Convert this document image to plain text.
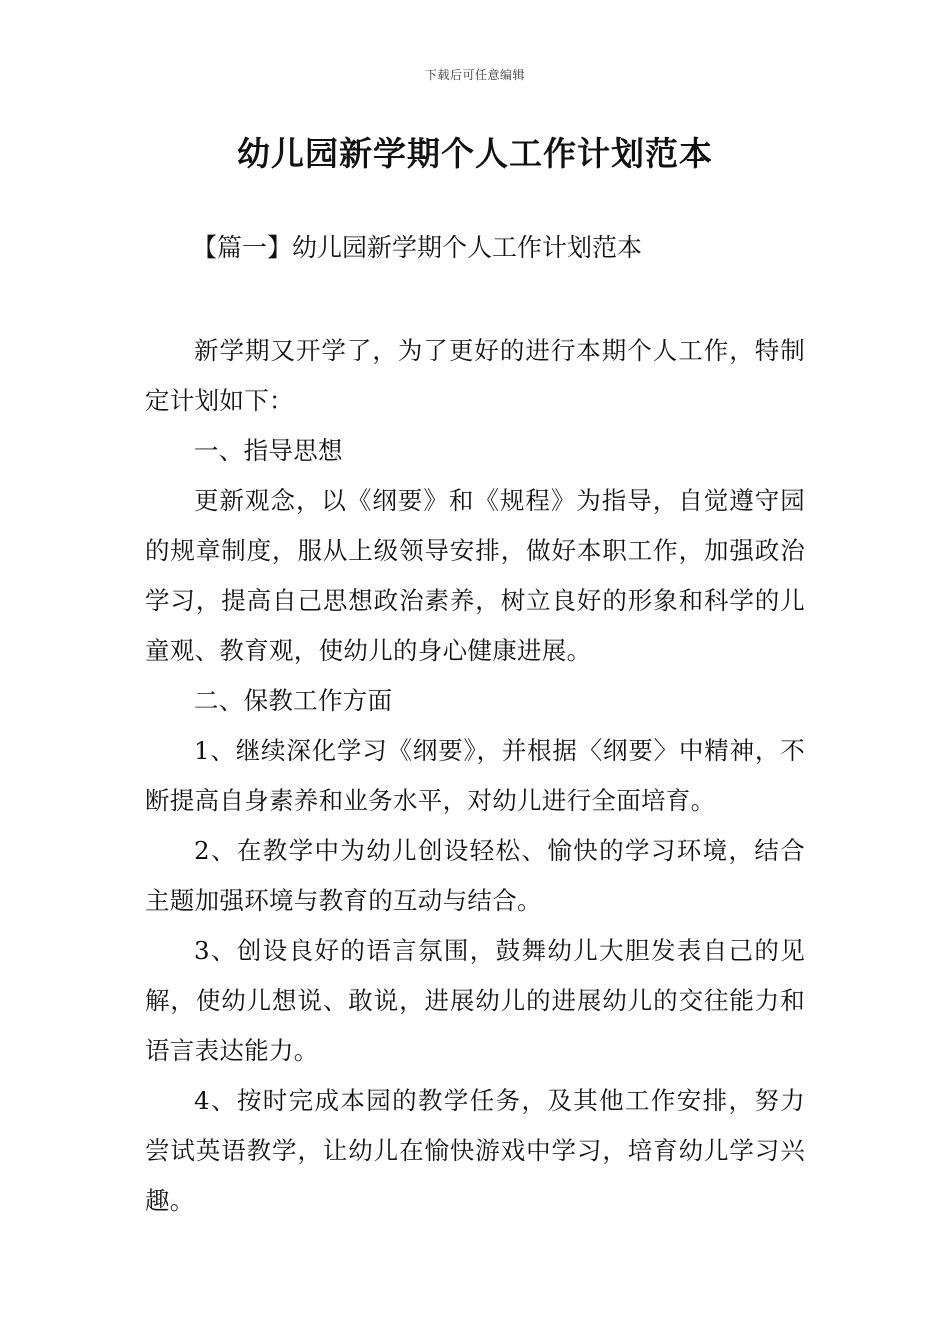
下载后可任意编辑
幼儿园新学期个人工作计划范本
【篇一】幼儿园新学期个人工作计划范本

新学期又开学了，为了更好的进行本期个人工作，特制定计划如下：

一、指导思想

更新观念，以《纲要》和《规程》为指导，自觉遵守园的规章制度，服从上级领导安排，做好本职工作，加强政治学习，提高自己思想政治素养，树立良好的形象和科学的儿童观、教育观，使幼儿的身心健康进展。

二、保教工作方面

1、继续深化学习《纲要》，并根据〈纲要〉中精神，不断提高自身素养和业务水平，对幼儿进行全面培育。

2、在教学中为幼儿创设轻松、愉快的学习环境，结合主题加强环境与教育的互动与结合。

3、创设良好的语言氛围，鼓舞幼儿大胆发表自己的见解，使幼儿想说、敢说，进展幼儿的进展幼儿的交往能力和语言表达能力。

4、按时完成本园的教学任务，及其他工作安排，努力尝试英语教学，让幼儿在愉快游戏中学习，培育幼儿学习兴趣。
